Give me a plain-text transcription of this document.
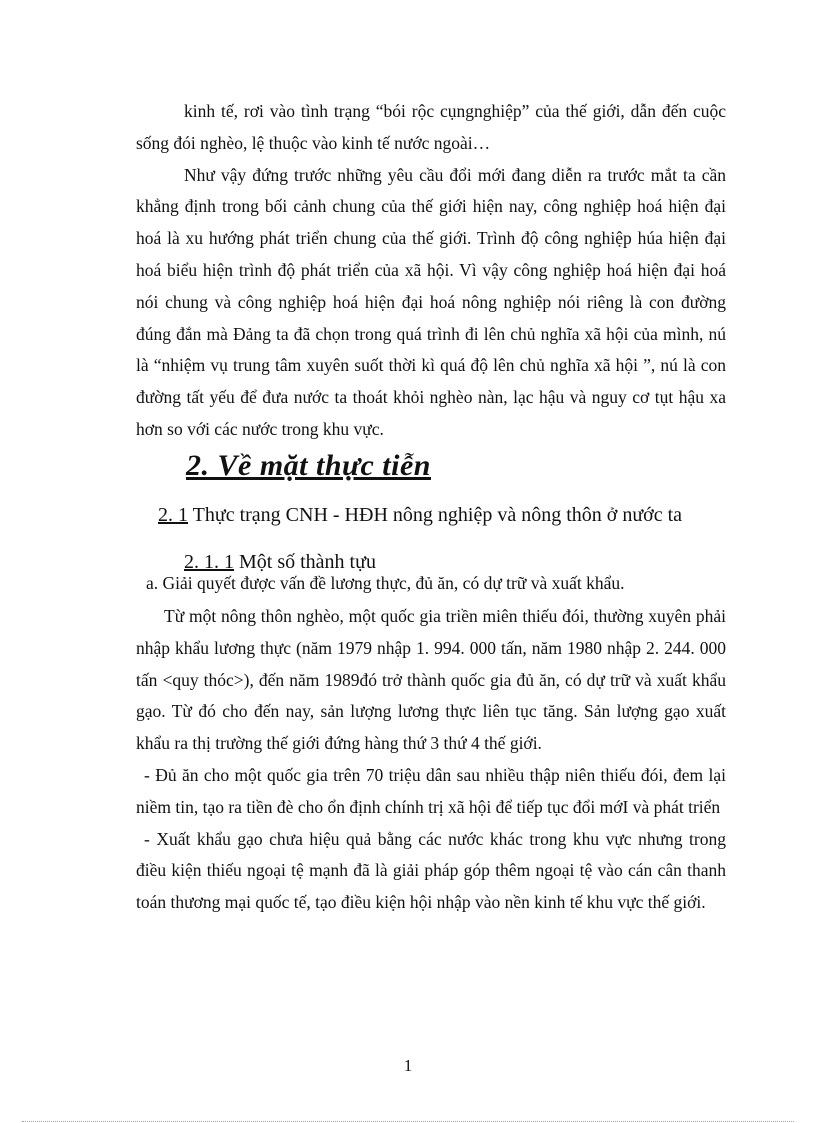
kinh tế, rơi vào tình trạng “bói rộc cụngnghiệp” của thế giới, dẫn đến cuộc sống đói nghèo, lệ thuộc vào kinh tế nước ngoài…

Như vậy đứng trước những yêu cầu đổi mới đang diễn ra trước mắt ta cần khẳng định trong bối cảnh chung của thế giới hiện nay, công nghiệp hoá hiện đại hoá là xu hướng phát triển chung của thế giới. Trình độ công nghiệp húa hiện đại hoá biểu hiện trình độ phát triển của xã hội. Vì vậy công nghiệp hoá hiện đại hoá nói chung và công nghiệp hoá hiện đại hoá nông nghiệp nói riêng là con đường đúng đắn mà Đảng ta đã chọn trong quá trình đi lên chủ nghĩa xã hội của mình, nú là “nhiệm vụ trung tâm xuyên suốt thời kì quá độ lên chủ nghĩa xã hội ”, nú là con đường tất yếu để đưa nước ta thoát khỏi nghèo nàn, lạc hậu và nguy cơ tụt hậu xa hơn so với các nước trong khu vực.

2. Về mặt thực tiễn
2. 1 Thực trạng CNH - HĐH nông nghiệp và nông thôn ở nước ta
2. 1. 1 Một số thành tựu

a. Giải quyết được vấn đề lương thực, đủ ăn, có dự trữ và xuất khẩu.

Từ một nông thôn nghèo, một quốc gia triền miên thiếu đói, thường xuyên phải nhập khẩu lương thực (năm 1979 nhập 1. 994. 000 tấn, năm 1980 nhập 2. 244. 000 tấn <quy thóc>), đến năm 1989đó trở thành quốc gia đủ ăn, có dự trữ và xuất khẩu gạo. Từ đó cho đến nay, sản lượng lương thực liên tục tăng. Sản lượng gạo xuất khẩu ra thị trường thế giới đứng hàng thứ 3 thứ 4 thế giới.

- Đủ ăn cho một quốc gia trên 70 triệu dân sau nhiều thập niên thiếu đói, đem lại niềm tin, tạo ra tiền đè cho ổn định chính trị xã hội để tiếp tục đổi mớI và phát triển

- Xuất khẩu gạo chưa hiệu quả bằng các nước khác trong khu vực nhưng trong điều kiện thiếu ngoại tệ mạnh đã là giải pháp góp thêm ngoại tệ vào cán cân thanh toán thương mại quốc tế, tạo điều kiện hội nhập vào nền kinh tế khu vực thế giới.

1
